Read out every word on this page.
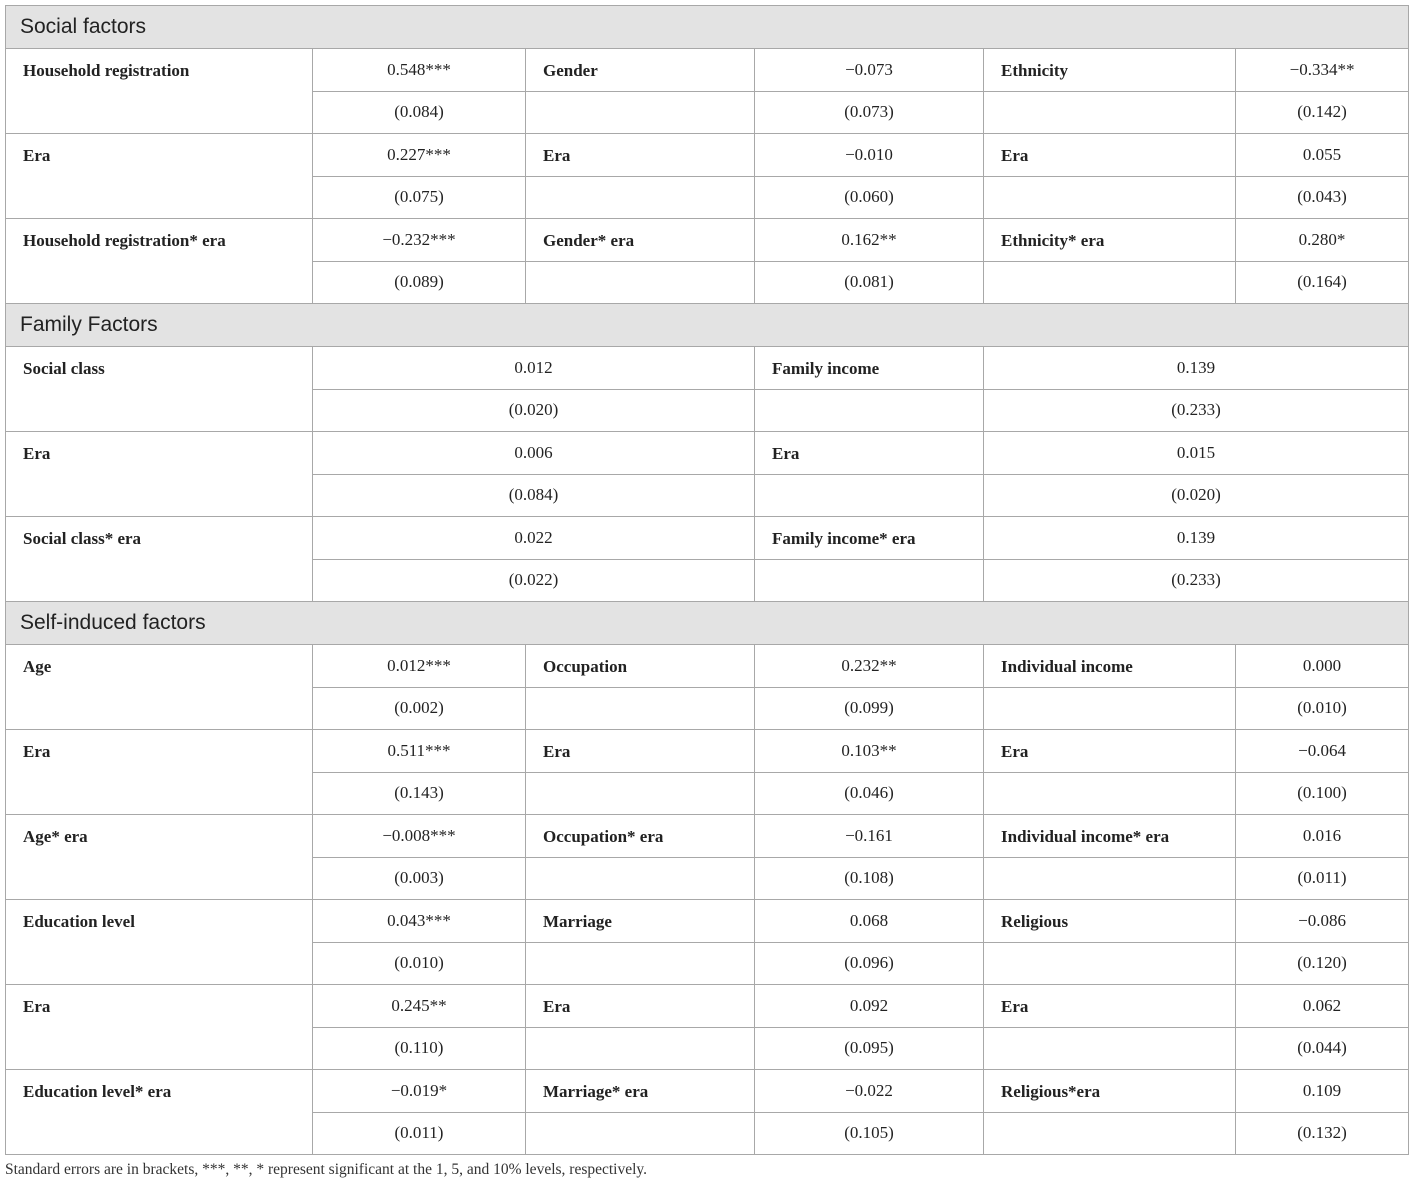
Social factors					
Household registration	0.548***	Gender	−0.073	Ethnicity	−0.334**
	(0.084)		(0.073)		(0.142)
Era	0.227***	Era	−0.010	Era	0.055
	(0.075)		(0.060)		(0.043)
Household registration* era	−0.232***	Gender* era	0.162**	Ethnicity* era	0.280*
	(0.089)		(0.081)		(0.164)
Family Factors					
Social class	0.012		Family income	0.139	
	(0.020)			(0.233)	
Era	0.006		Era	0.015	
	(0.084)			(0.020)	
Social class* era	0.022		Family income* era	0.139	
	(0.022)			(0.233)	
Self-induced factors					
Age	0.012***	Occupation	0.232**	Individual income	0.000
	(0.002)		(0.099)		(0.010)
Era	0.511***	Era	0.103**	Era	−0.064
	(0.143)		(0.046)		(0.100)
Age* era	−0.008***	Occupation* era	−0.161	Individual income* era	0.016
	(0.003)		(0.108)		(0.011)
Education level	0.043***	Marriage	0.068	Religious	−0.086
	(0.010)		(0.096)		(0.120)
Era	0.245**	Era	0.092	Era	0.062
	(0.110)		(0.095)		(0.044)
Education level* era	−0.019*	Marriage* era	−0.022	Religious*era	0.109
	(0.011)		(0.105)		(0.132)
Standard errors are in brackets, ***, **, * represent significant at the 1, 5, and 10% levels, respectively.
